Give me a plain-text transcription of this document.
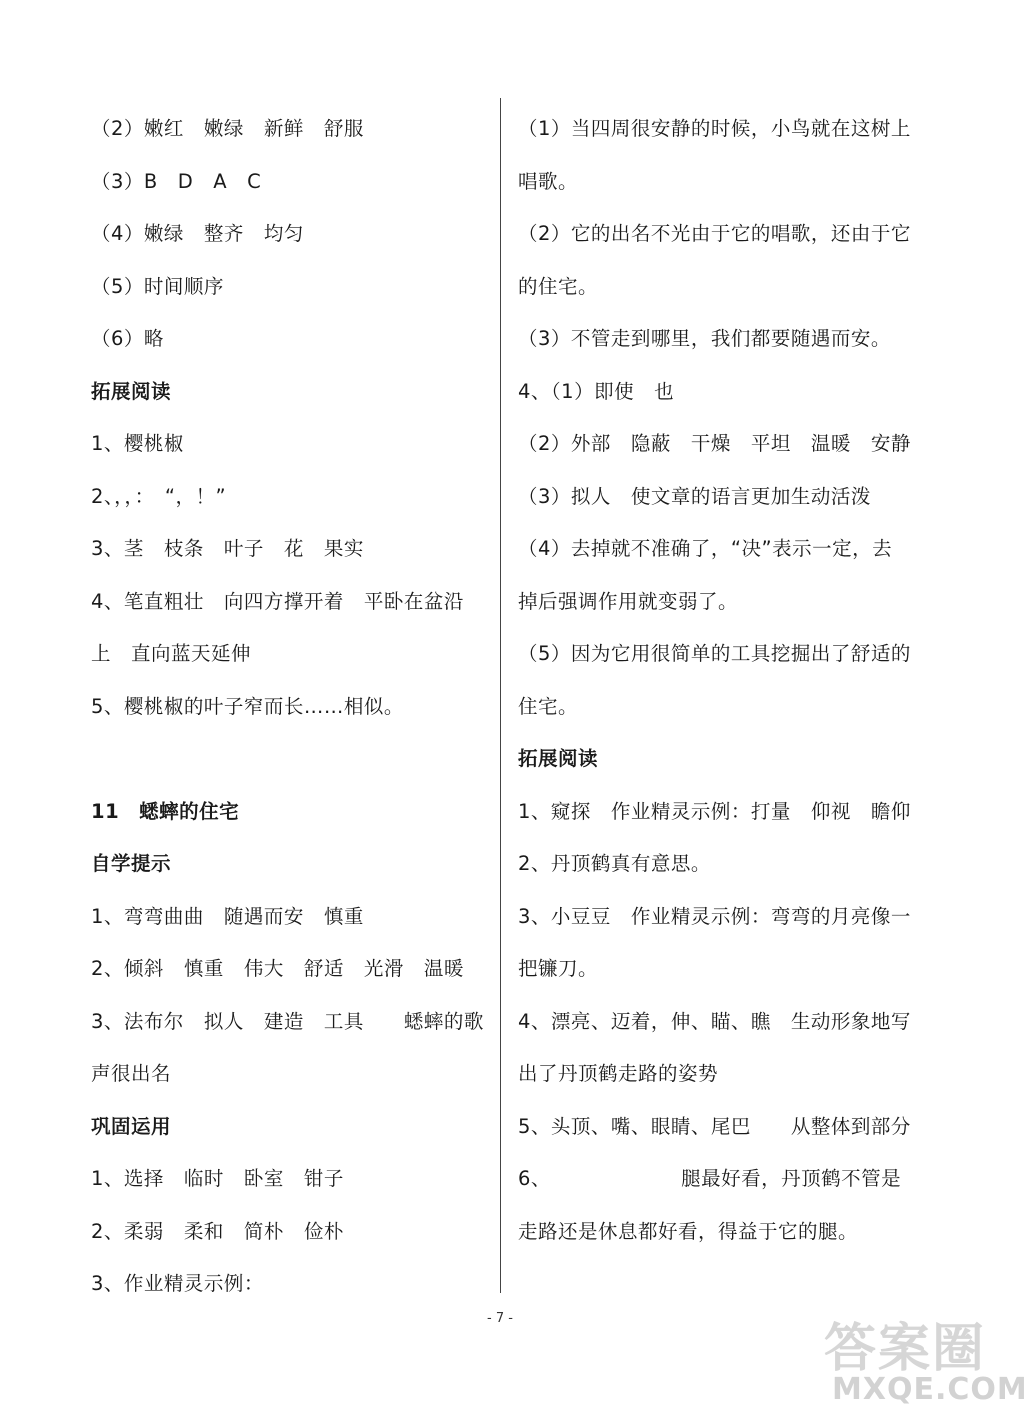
（2）嫩红　嫩绿　新鲜　舒服
（3）B　D　A　C
（4）嫩绿　整齐　均匀
（5）时间顺序
（6）略
拓展阅读
1、樱桃椒
2、，，：　“，！”
3、茎　枝条　叶子　花　果实
4、笔直粗壮　向四方撑开着　平卧在盆沿
上　直向蓝天延伸
5、樱桃椒的叶子窄而长……相似。
11　蟋蟀的住宅
自学提示
1、弯弯曲曲　随遇而安　慎重
2、倾斜　慎重　伟大　舒适　光滑　温暖
3、法布尔　拟人　建造　工具　　蟋蟀的歌
声很出名
巩固运用
1、选择　临时　卧室　钳子
2、柔弱　柔和　简朴　俭朴
3、作业精灵示例：
（1）当四周很安静的时候，小鸟就在这树上
唱歌。
（2）它的出名不光由于它的唱歌，还由于它
的住宅。
（3）不管走到哪里，我们都要随遇而安。
4、（1）即使　也
（2）外部　隐蔽　干燥　平坦　温暖　安静
（3）拟人　使文章的语言更加生动活泼
（4）去掉就不准确了，“决”表示一定，去
掉后强调作用就变弱了。
（5）因为它用很简单的工具挖掘出了舒适的
住宅。
拓展阅读
1、窥探　作业精灵示例：打量　仰视　瞻仰
2、丹顶鹤真有意思。
3、小豆豆　作业精灵示例：弯弯的月亮像一
把镰刀。
4、漂亮、迈着，伸、瞄、瞧　生动形象地写
出了丹顶鹤走路的姿势
5、头顶、嘴、眼睛、尾巴　　从整体到部分
6、　　　　　　　腿最好看，丹顶鹤不管是
走路还是休息都好看，得益于它的腿。
- 7 -
答案圈
MXQE.COM
